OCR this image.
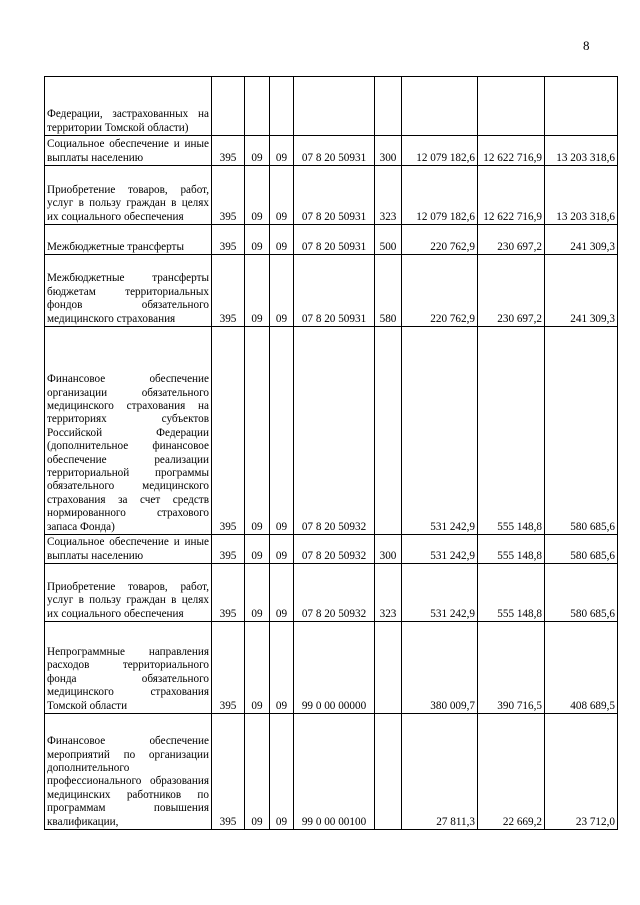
8
Федерации, застрахованных на территории Томской области)								
Социальное обеспечение и иные выплаты населению	395	09	09	07 8 20 50931	300	12 079 182,6	12 622 716,9	13 203 318,6
Приобретение товаров, работ, услуг в пользу граждан в целях их социального обеспечения	395	09	09	07 8 20 50931	323	12 079 182,6	12 622 716,9	13 203 318,6
Межбюджетные трансферты	395	09	09	07 8 20 50931	500	220 762,9	230 697,2	241 309,3
Межбюджетные трансферты бюджетам территориальных фондов обязательного медицинского страхования	395	09	09	07 8 20 50931	580	220 762,9	230 697,2	241 309,3
Финансовое обеспечение организации обязательного медицинского страхования на территориях субъектов Российской Федерации (дополнительное финансовое обеспечение реализации территориальной программы обязательного медицинского страхования за счет средств нормированного страхового запаса Фонда)	395	09	09	07 8 20 50932		531 242,9	555 148,8	580 685,6
Социальное обеспечение и иные выплаты населению	395	09	09	07 8 20 50932	300	531 242,9	555 148,8	580 685,6
Приобретение товаров, работ, услуг в пользу граждан в целях их социального обеспечения	395	09	09	07 8 20 50932	323	531 242,9	555 148,8	580 685,6
Непрограммные направления расходов территориального фонда обязательного медицинского страхования Томской области	395	09	09	99 0 00 00000		380 009,7	390 716,5	408 689,5
Финансовое обеспечение мероприятий по организации дополнительного профессионального образования медицинских работников по программам повышения квалификации,	395	09	09	99 0 00 00100		27 811,3	22 669,2	23 712,0
